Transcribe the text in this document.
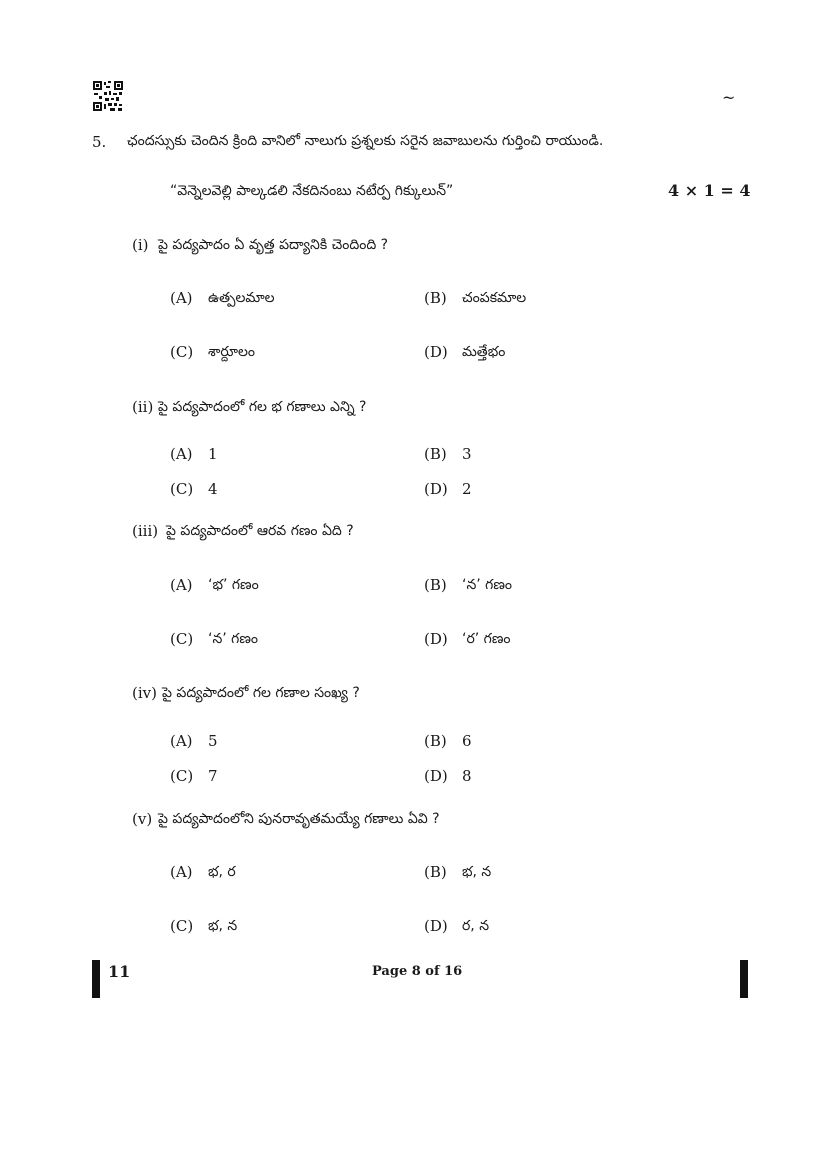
~
5. ఛందస్సుకు చెందిన క్రింది వానిలో నాలుగు ప్రశ్నలకు సరైన జవాబులను గుర్తించి రాయుండి.
“వెన్నెలవెల్లి పాల్కడలి నేకదినంబు నటేర్ప గిక్కులున్”	4 × 1 = 4
(i) పై పద్యపాదం ఏ వృత్త పద్యానికి చెందింది ?
(A) ఉత్పలమాల	(B) చంపకమాల
(C) శార్దూలం	(D) మత్తేభం
(ii) పై పద్యపాదంలో గల భ గణాలు ఎన్ని ?
(A) 1	(B) 3
(C) 4	(D) 2
(iii) పై పద్యపాదంలో ఆరవ గణం ఏది ?
(A) ‘భ’ గణం	(B) ‘న’ గణం
(C) ‘న’ గణం	(D) ‘ర’ గణం
(iv) పై పద్యపాదంలో గల గణాల సంఖ్య ?
(A) 5	(B) 6
(C) 7	(D) 8
(v) పై పద్యపాదంలోని పునరావృతమయ్యే గణాలు ఏవి ?
(A) భ, ర	(B) భ, న
(C) భ, న	(D) ర, న
11	Page 8 of 16
